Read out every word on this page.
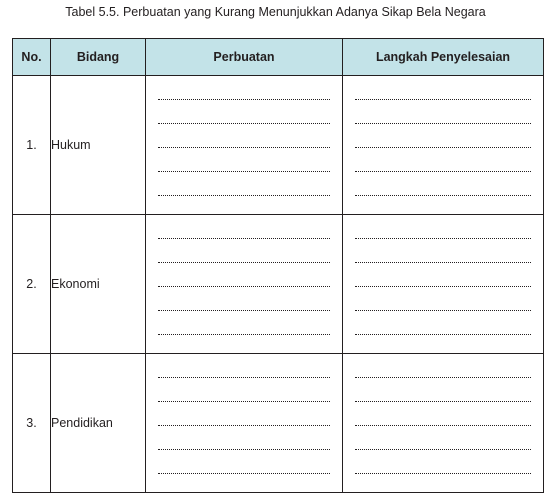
Tabel 5.5. Perbuatan yang Kurang Menunjukkan Adanya Sikap Bela Negara
No.	Bidang	Perbuatan	Langkah Penyelesaian
1.	Hukum	

2.	Ekonomi	

3.	Pendidikan	
